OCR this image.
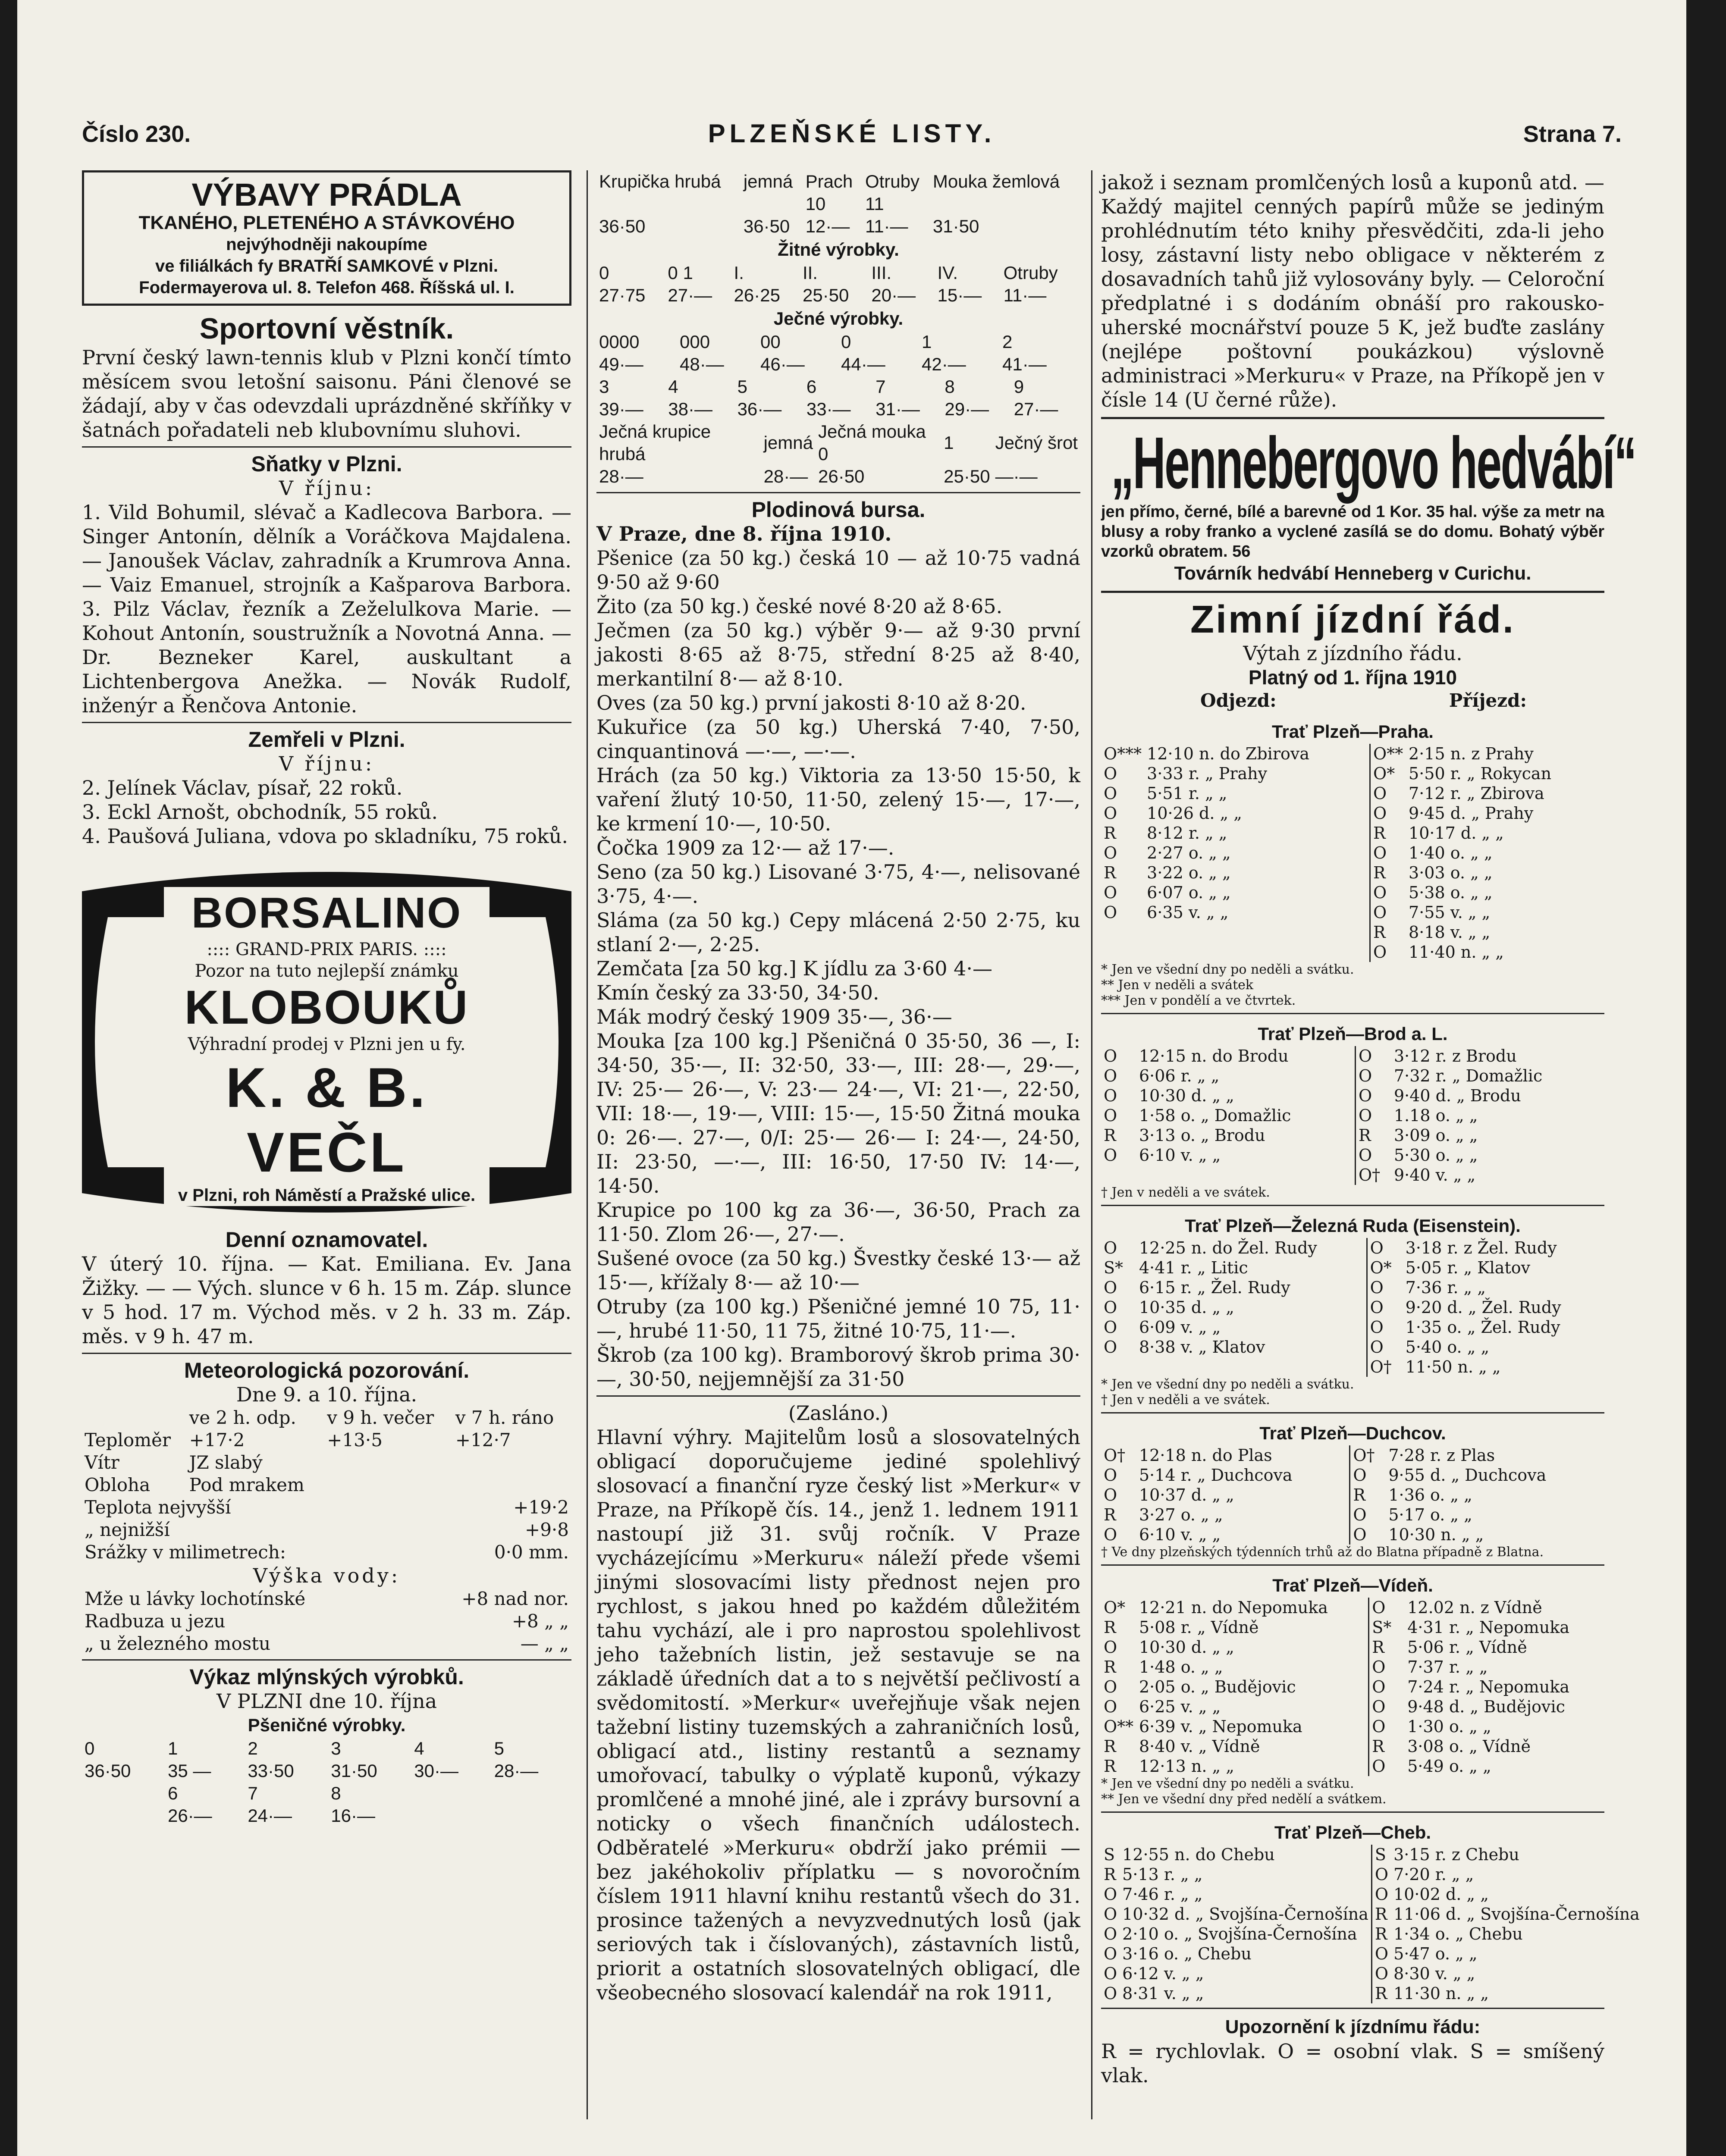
Číslo 230.	PLZEŇSKÉ LISTY.	Strana 7.
VÝBAVY PRÁDLA
TKANÉHO, PLETENÉHO A STÁVKOVÉHO
nejvýhodněji nakoupíme
ve filiálkách fy BRATŘÍ SAMKOVÉ v Plzni.
Fodermayerova ul. 8. Telefon 468. Říšská ul. I.
Sportovní věstník.

První český lawn-tennis klub v Plzni končí tímto měsícem svou letošní saisonu. Páni členové se žádají, aby v čas odevzdali uprázdněné skříňky v šatnách pořadateli neb klubovnímu sluhovi.

Sňatky v Plzni.
V říjnu:

1. Vild Bohumil, slévač a Kadlecova Barbora. — Singer Antonín, dělník a Voráčkova Majdalena. — Janoušek Václav, zahradník a Krumrova Anna. — Vaiz Emanuel, strojník a Kašparova Barbora. 3. Pilz Václav, řezník a Zeželulkova Marie. — Kohout Antonín, soustružník a Novotná Anna. — Dr. Bezneker Karel, auskultant a Lichtenbergova Anežka. — Novák Rudolf, inženýr a Řenčova Antonie.

Zemřeli v Plzni.
V říjnu:

2. Jelínek Václav, písař, 22 roků.

3. Eckl Arnošt, obchodník, 55 roků.

4. Paušová Juliana, vdova po skladníku, 75 roků.

BORSALINO
:::: GRAND-PRIX PARIS. ::::
Pozor na tuto nejlepší známku
KLOBOUKŮ
Výhradní prodej v Plzni jen u fy.
K. & B. VEČL
v Plzni, roh Náměstí a Pražské ulice.
Denní oznamovatel.

V úterý 10. října. — Kat. Emiliana. Ev. Jana Žižky. — — Vých. slunce v 6 h. 15 m. Záp. slunce v 5 hod. 17 m. Východ měs. v 2 h. 33 m. Záp. měs. v 9 h. 47 m.

Meteorologická pozorování.
Dne 9. a 10. října.
	ve 2 h. odp.	v 9 h. večer	v 7 h. ráno
Teploměr	+17·2	+13·5	+12·7
Vítr	JZ slabý		
Obloha	Pod mrakem		
Teplota nejvyšší	+19·2
„ nejnižší	+9·8
Srážky v milimetrech:	0·0 mm.
Výška vody:
Mže u lávky lochotínské	+8 nad nor.
Radbuza u jezu	+8 „ „
„ u železného mostu	— „ „
Výkaz mlýnských výrobků.
V PLZNI dne 10. října
Pšeničné výrobky.
0	1	2	3	4	5
36·50	35 —	33·50	31·50	30·—	28·—
	6	7	8		
	26·—	24·—	16·—		
Krupička hrubá	jemná	Prach	Otruby	Mouka žemlová
		10	11	
36·50	36·50	12·—	11·—	31·50
Žitné výrobky.
0	0 1	I.	II.	III.	IV.	Otruby
27·75	27·—	26·25	25·50	20·—	15·—	11·—
Ječné výrobky.
0000	000	00	0	1	2
49·—	48·—	46·—	44·—	42·—	41·—
3	4	5	6	7	8	9
39·—	38·—	36·—	33·—	31·—	29·—	27·—
Ječná krupice hrubá	jemná	Ječná mouka 0	1	Ječný šrot
28·—	28·—	26·50	25·50	—·—
Plodinová bursa.
V Praze, dne 8. října 1910.

Pšenice (za 50 kg.) česká 10 — až 10·75 vadná 9·50 až 9·60

Žito (za 50 kg.) české nové 8·20 až 8·65.

Ječmen (za 50 kg.) výběr 9·— až 9·30 první jakosti 8·65 až 8·75, střední 8·25 až 8·40, merkantilní 8·— až 8·10.

Oves (za 50 kg.) první jakosti 8·10 až 8·20.

Kukuřice (za 50 kg.) Uherská 7·40, 7·50, cinquantinová —·—, —·—.

Hrách (za 50 kg.) Viktoria za 13·50 15·50, k vaření žlutý 10·50, 11·50, zelený 15·—, 17·—, ke krmení 10·—, 10·50.

Čočka 1909 za 12·— až 17·—.

Seno (za 50 kg.) Lisované 3·75, 4·—, nelisované 3·75, 4·—.

Sláma (za 50 kg.) Cepy mlácená 2·50 2·75, ku stlaní 2·—, 2·25.

Zemčata [za 50 kg.] K jídlu za 3·60 4·—

Kmín český za 33·50, 34·50.

Mák modrý český 1909 35·—, 36·—

Mouka [za 100 kg.] Pšeničná 0 35·50, 36 —, I: 34·50, 35·—, II: 32·50, 33·—, III: 28·—, 29·—, IV: 25·— 26·—, V: 23·— 24·—, VI: 21·—, 22·50, VII: 18·—, 19·—, VIII: 15·—, 15·50 Žitná mouka 0: 26·—. 27·—, 0/I: 25·— 26·— I: 24·—, 24·50, II: 23·50, —·—, III: 16·50, 17·50 IV: 14·—, 14·50.

Krupice po 100 kg za 36·—, 36·50, Prach za 11·50. Zlom 26·—, 27·—.

Sušené ovoce (za 50 kg.) Švestky české 13·— až 15·—, křížaly 8·— až 10·—

Otruby (za 100 kg.) Pšeničné jemné 10 75, 11·—, hrubé 11·50, 11 75, žitné 10·75, 11·—.

Škrob (za 100 kg). Bramborový škrob prima 30·—, 30·50, nejjemnější za 31·50

(Zasláno.)

Hlavní výhry. Majitelům losů a slosovatelných obligací doporučujeme jediné spolehlivý slosovací a finanční ryze český list »Merkur« v Praze, na Příkopě čís. 14., jenž 1. lednem 1911 nastoupí již 31. svůj ročník. V Praze vycházejícímu »Merkuru« náleží přede všemi jinými slosovacími listy přednost nejen pro rychlost, s jakou hned po každém důležitém tahu vychází, ale i pro naprostou spolehlivost jeho tažebních listin, jež sestavuje se na základě úředních dat a to s největší pečlivostí a svědomitostí. »Merkur« uveřejňuje však nejen tažební listiny tuzemských a zahraničních losů, obligací atd., listiny restantů a seznamy umořovací, tabulky o výplatě kuponů, výkazy promlčené a mnohé jiné, ale i zprávy bursovní a noticky o všech finančních událostech. Odběratelé »Merkuru« obdrží jako prémii — bez jakéhokoliv příplatku — s novoročním číslem 1911 hlavní knihu restantů všech do 31. prosince tažených a nevyzvednutých losů (jak seriových tak i číslovaných), zástavních listů, priorit a ostatních slosovatelných obligací, dle všeobecného slosovací kalendář na rok 1911,

jakož i seznam promlčených losů a kuponů atd. — Každý majitel cenných papírů může se jediným prohlédnutím této knihy přesvědčiti, zda-li jeho losy, zástavní listy nebo obligace v některém z dosavadních tahů již vylosovány byly. — Celoroční předplatné i s dodáním obnáší pro rakousko-uherské mocnářství pouze 5 K, jež buďte zaslány (nejlépe poštovní poukázkou) výslovně administraci »Merkuru« v Praze, na Příkopě jen v čísle 14 (U černé růže).

„Hennebergovo hedvábí“

jen přímo, černé, bílé a barevné od 1 Kor. 35 hal. výše za metr na blusy a roby franko a vyclené zasílá se do domu. Bohatý výběr vzorků obratem. 56

Továrník hedvábí Henneberg v Curichu.
Zimní jízdní řád.
Výtah z jízdního řádu.
Platný od 1. října 1910
Odjezd:	Příjezd:
Trať Plzeň—Praha.
O***	12·10 n. do Zbirova	O**	2·15 n. z Prahy
O	3·33 r. „ Prahy	O*	5·50 r. „ Rokycan
O	5·51 r. „ „	O	7·12 r. „ Zbirova
O	10·26 d. „ „	O	9·45 d. „ Prahy
R	8·12 r. „ „	R	10·17 d. „ „
O	2·27 o. „ „	O	1·40 o. „ „
R	3·22 o. „ „	R	3·03 o. „ „
O	6·07 o. „ „	O	5·38 o. „ „
O	6·35 v. „ „	O	7·55 v. „ „
		R	8·18 v. „ „
		O	11·40 n. „ „
* Jen ve všední dny po neděli a svátku.
** Jen v neděli a svátek
*** Jen v pondělí a ve čtvrtek.
Trať Plzeň—Brod a. L.
O	12·15 n. do Brodu	O	3·12 r. z Brodu
O	6·06 r. „ „	O	7·32 r. „ Domažlic
O	10·30 d. „ „	O	9·40 d. „ Brodu
O	1·58 o. „ Domažlic	O	1.18 o. „ „
R	3·13 o. „ Brodu	R	3·09 o. „ „
O	6·10 v. „ „	O	5·30 o. „ „
		O†	9·40 v. „ „
† Jen v neděli a ve svátek.
Trať Plzeň—Železná Ruda (Eisenstein).
O	12·25 n. do Žel. Rudy	O	3·18 r. z Žel. Rudy
S*	4·41 r. „ Litic	O*	5·05 r. „ Klatov
O	6·15 r. „ Žel. Rudy	O	7·36 r. „ „
O	10·35 d. „ „	O	9·20 d. „ Žel. Rudy
O	6·09 v. „ „	O	1·35 o. „ Žel. Rudy
O	8·38 v. „ Klatov	O	5·40 o. „ „
		O†	11·50 n. „ „
* Jen ve všední dny po neděli a svátku.
† Jen v neděli a ve svátek.
Trať Plzeň—Duchcov.
O†	12·18 n. do Plas	O†	7·28 r. z Plas
O	5·14 r. „ Duchcova	O	9·55 d. „ Duchcova
O	10·37 d. „ „	R	1·36 o. „ „
R	3·27 o. „ „	O	5·17 o. „ „
O	6·10 v. „ „	O	10·30 n. „ „
† Ve dny plzeňských týdenních trhů až do Blatna případně z Blatna.
Trať Plzeň—Vídeň.
O*	12·21 n. do Nepomuka	O	12.02 n. z Vídně
R	5·08 r. „ Vídně	S*	4·31 r. „ Nepomuka
O	10·30 d. „ „	R	5·06 r. „ Vídně
R	1·48 o. „ „	O	7·37 r. „ „
O	2·05 o. „ Budějovic	O	7·24 r. „ Nepomuka
O	6·25 v. „ „	O	9·48 d. „ Budějovic
O**	6·39 v. „ Nepomuka	O	1·30 o. „ „
R	8·40 v. „ Vídně	R	3·08 o. „ Vídně
R	12·13 n. „ „	O	5·49 o. „ „
* Jen ve všední dny po neděli a svátku.
** Jen ve všední dny před nedělí a svátkem.
Trať Plzeň—Cheb.
S	12·55 n. do Chebu	S	3·15 r. z Chebu
R	5·13 r. „ „	O	7·20 r. „ „
O	7·46 r. „ „	O	10·02 d. „ „
O	10·32 d. „ Svojšína-Černošína	R	11·06 d. „ Svojšína-Černošína
O	2·10 o. „ Svojšína-Černošína	R	1·34 o. „ Chebu
O	3·16 o. „ Chebu	O	5·47 o. „ „
O	6·12 v. „ „	O	8·30 v. „ „
O	8·31 v. „ „	R	11·30 n. „ „
Upozornění k jízdnímu řádu:

R = rychlovlak. O = osobní vlak. S = smíšený vlak.
